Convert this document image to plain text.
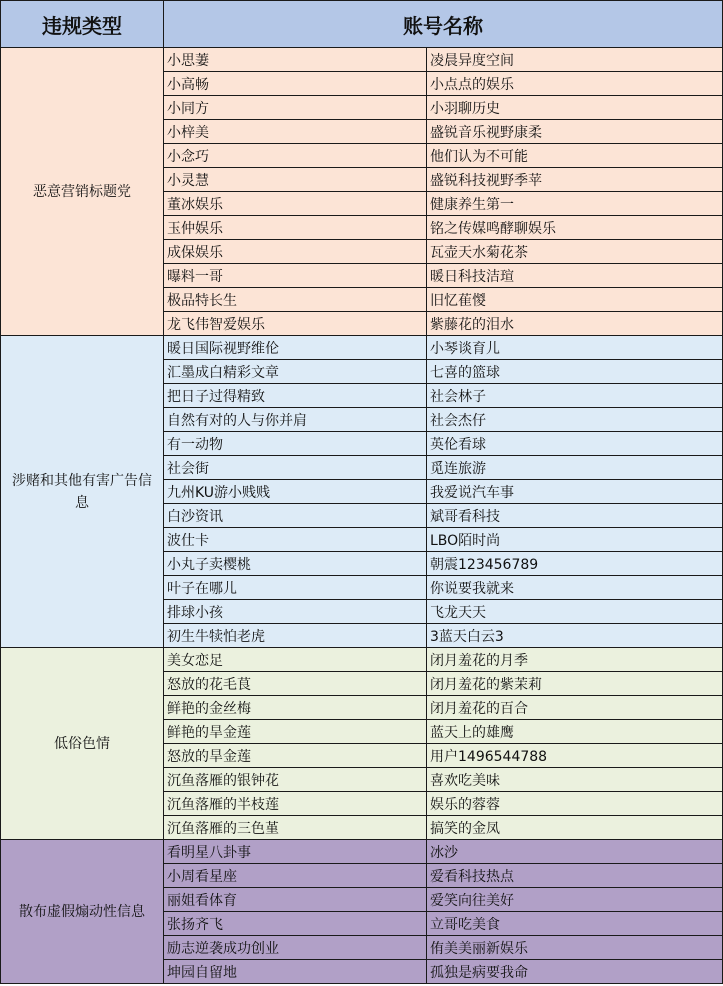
违规类型	账号名称	
恶意营销标题党	小思萋	凌晨异度空间
	小高畅	小点点的娱乐
	小同方	小羽聊历史
	小梓美	盛锐音乐视野康柔
	小念巧	他们认为不可能
	小灵慧	盛锐科技视野季苹
	董冰娱乐	健康养生第一
	玉仲娱乐	铭之传媒鸣酵聊娱乐
	成保娱乐	瓦壶天水菊花茶
	曝料一哥	暖日科技洁瑄
	极品特长生	旧忆萑惾
	龙飞伟智爱娱乐	紫藤花的泪水
涉赌和其他有害广告信息	暖日国际视野维伦	小琴谈育儿
	汇墨成白精彩文章	七喜的篮球
	把日子过得精致	社会林子
	自然有对的人与你并肩	社会杰仔
	有一动物	英伦看球
	社会街	觅连旅游
	九州KU游小贱贱	我爱说汽车事
	白沙资讯	斌哥看科技
	波仕卡	LBO陌时尚
	小丸子卖樱桃	朝震123456789
	叶子在哪儿	你说要我就来
	排球小孩	飞龙天天
	初生牛犊怕老虎	3蓝天白云3
低俗色情	美女恋足	闭月羞花的月季
	怒放的花毛茛	闭月羞花的紫茉莉
	鲜艳的金丝梅	闭月羞花的百合
	鲜艳的旱金莲	蓝天上的雄鹰
	怒放的旱金莲	用户1496544788
	沉鱼落雁的银钟花	喜欢吃美味
	沉鱼落雁的半枝莲	娱乐的蓉蓉
	沉鱼落雁的三色堇	搞笑的金凤
散布虚假煽动性信息	看明星八卦事	冰沙
	小周看星座	爱看科技热点
	丽姐看体育	爱笑向往美好
	张扬齐飞	立哥吃美食
	励志逆袭成功创业	侑美美丽新娱乐
	坤园自留地	孤独是病要我命
